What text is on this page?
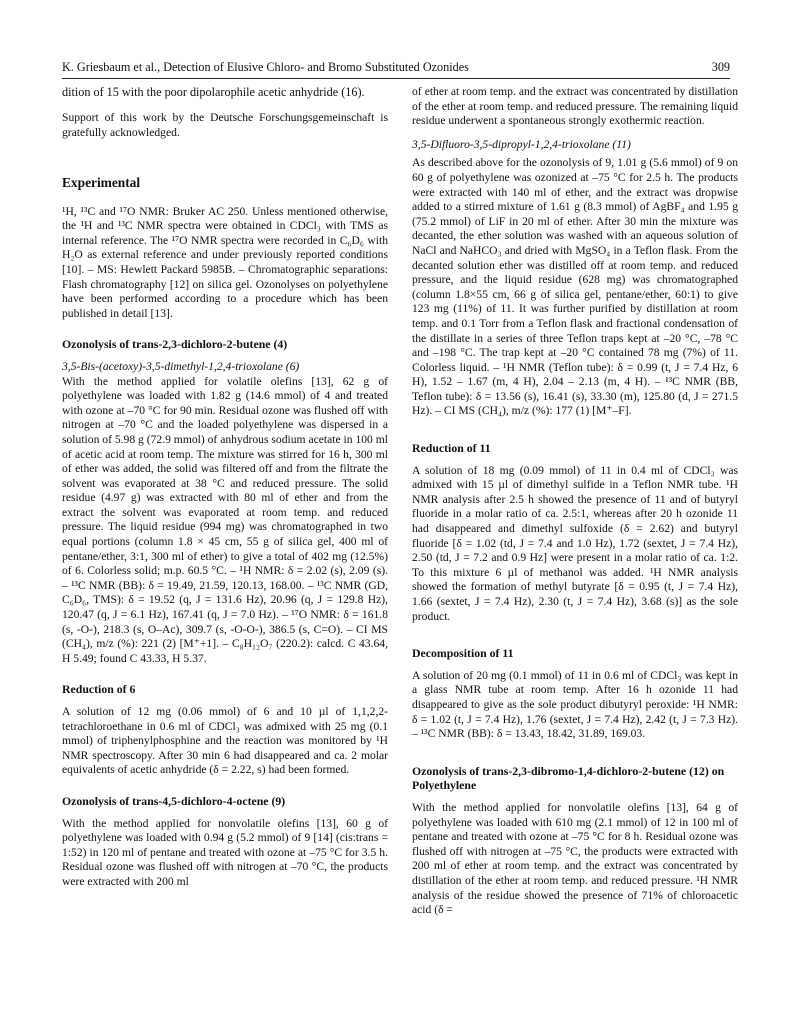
K. Griesbaum et al., Detection of Elusive Chloro- and Bromo Substituted Ozonides	309

dition of 15 with the poor dipolarophile acetic anhydride (16).

Support of this work by the Deutsche Forschungsgemeinschaft is gratefully acknowledged.

Experimental

¹H, ¹³C and ¹⁷O NMR: Bruker AC 250. Unless mentioned otherwise, the ¹H and ¹³C NMR spectra were obtained in CDCl₃ with TMS as internal reference. The ¹⁷O NMR spectra were recorded in C₆D₆ with H₂O as external reference and under previously reported conditions [10]. – MS: Hewlett Packard 5985B. – Chromatographic separations: Flash chromatography [12] on silica gel. Ozonolyses on polyethylene have been performed according to a procedure which has been published in detail [13].

Ozonolysis of trans-2,3-dichloro-2-butene (4)

3,5-Bis-(acetoxy)-3,5-dimethyl-1,2,4-trioxolane (6)

With the method applied for volatile olefins [13], 62 g of polyethylene was loaded with 1.82 g (14.6 mmol) of 4 and treated with ozone at –70 °C for 90 min. Residual ozone was flushed off with nitrogen at –70 °C and the loaded polyethylene was dispersed in a solution of 5.98 g (72.9 mmol) of anhydrous sodium acetate in 100 ml of acetic acid at room temp. The mixture was stirred for 16 h, 300 ml of ether was added, the solid was filtered off and from the filtrate the solvent was evaporated at 38 °C and reduced pressure. The solid residue (4.97 g) was extracted with 80 ml of ether and from the extract the solvent was evaporated at room temp. and reduced pressure. The liquid residue (994 mg) was chromatographed in two equal portions (column 1.8 × 45 cm, 55 g of silica gel, 400 ml of pentane/ether, 3:1, 300 ml of ether) to give a total of 402 mg (12.5%) of 6. Colorless solid; m.p. 60.5 °C. – ¹H NMR: δ = 2.02 (s), 2.09 (s). – ¹³C NMR (BB): δ = 19.49, 21.59, 120.13, 168.00. – ¹³C NMR (GD, C₆D₆, TMS): δ = 19.52 (q, J = 131.6 Hz), 20.96 (q, J = 129.8 Hz), 120.47 (q, J = 6.1 Hz), 167.41 (q, J = 7.0 Hz). – ¹⁷O NMR: δ = 161.8 (s, -O-), 218.3 (s, O–Ac), 309.7 (s, -O-O-), 386.5 (s, C=O). – CI MS (CH₄), m/z (%): 221 (2) [M⁺+1]. – C₈H₁₂O₇ (220.2): calcd. C 43.64, H 5.49; found C 43.33, H 5.37.

Reduction of 6

A solution of 12 mg (0.06 mmol) of 6 and 10 µl of 1,1,2,2-tetrachloroethane in 0.6 ml of CDCl₃ was admixed with 25 mg (0.1 mmol) of triphenylphosphine and the reaction was monitored by ¹H NMR spectroscopy. After 30 min 6 had disappeared and ca. 2 molar equivalents of acetic anhydride (δ = 2.22, s) had been formed.

Ozonolysis of trans-4,5-dichloro-4-octene (9)

With the method applied for nonvolatile olefins [13], 60 g of polyethylene was loaded with 0.94 g (5.2 mmol) of 9 [14] (cis:trans = 1:52) in 120 ml of pentane and treated with ozone at –75 °C for 3.5 h. Residual ozone was flushed off with nitrogen at –70 °C, the products were extracted with 200 ml

of ether at room temp. and the extract was concentrated by distillation of the ether at room temp. and reduced pressure. The remaining liquid residue underwent a spontaneous strongly exothermic reaction.

3,5-Difluoro-3,5-dipropyl-1,2,4-trioxolane (11)

As described above for the ozonolysis of 9, 1.01 g (5.6 mmol) of 9 on 60 g of polyethylene was ozonized at –75 °C for 2.5 h. The products were extracted with 140 ml of ether, and the extract was dropwise added to a stirred mixture of 1.61 g (8.3 mmol) of AgBF₄ and 1.95 g (75.2 mmol) of LiF in 20 ml of ether. After 30 min the mixture was decanted, the ether solution was washed with an aqueous solution of NaCl and NaHCO₃ and dried with MgSO₄ in a Teflon flask. From the decanted solution ether was distilled off at room temp. and reduced pressure, and the liquid residue (628 mg) was chromatographed (column 1.8×55 cm, 66 g of silica gel, pentane/ether, 60:1) to give 123 mg (11%) of 11. It was further purified by distillation at room temp. and 0.1 Torr from a Teflon flask and fractional condensation of the distillate in a series of three Teflon traps kept at –20 °C, –78 °C and –198 °C. The trap kept at –20 °C contained 78 mg (7%) of 11. Colorless liquid. – ¹H NMR (Teflon tube): δ = 0.99 (t, J = 7.4 Hz, 6 H), 1.52 – 1.67 (m, 4 H), 2.04 – 2.13 (m, 4 H). – ¹³C NMR (BB, Teflon tube): δ = 13.56 (s), 16.41 (s), 33.30 (m), 125.80 (d, J = 271.5 Hz). – CI MS (CH₄), m/z (%): 177 (1) [M⁺–F].

Reduction of 11

A solution of 18 mg (0.09 mmol) of 11 in 0.4 ml of CDCl₃ was admixed with 15 µl of dimethyl sulfide in a Teflon NMR tube. ¹H NMR analysis after 2.5 h showed the presence of 11 and of butyryl fluoride in a molar ratio of ca. 2.5:1, whereas after 20 h ozonide 11 had disappeared and dimethyl sulfoxide (δ = 2.62) and butyryl fluoride [δ = 1.02 (td, J = 7.4 and 1.0 Hz), 1.72 (sextet, J = 7.4 Hz), 2.50 (td, J = 7.2 and 0.9 Hz] were present in a molar ratio of ca. 1:2. To this mixture 6 µl of methanol was added. ¹H NMR analysis showed the formation of methyl butyrate [δ = 0.95 (t, J = 7.4 Hz), 1.66 (sextet, J = 7.4 Hz), 2.30 (t, J = 7.4 Hz), 3.68 (s)] as the sole product.

Decomposition of 11

A solution of 20 mg (0.1 mmol) of 11 in 0.6 ml of CDCl₃ was kept in a glass NMR tube at room temp. After 16 h ozonide 11 had disappeared to give as the sole product dibutyryl peroxide: ¹H NMR: δ = 1.02 (t, J = 7.4 Hz), 1.76 (sextet, J = 7.4 Hz), 2.42 (t, J = 7.3 Hz). – ¹³C NMR (BB): δ = 13.43, 18.42, 31.89, 169.03.

Ozonolysis of trans-2,3-dibromo-1,4-dichloro-2-butene (12) on Polyethylene

With the method applied for nonvolatile olefins [13], 64 g of polyethylene was loaded with 610 mg (2.1 mmol) of 12 in 100 ml of pentane and treated with ozone at –75 °C for 8 h. Residual ozone was flushed off with nitrogen at –75 °C, the products were extracted with 200 ml of ether at room temp. and the extract was concentrated by distillation of the ether at room temp. and reduced pressure. ¹H NMR analysis of the residue showed the presence of 71% of chloroacetic acid (δ =
